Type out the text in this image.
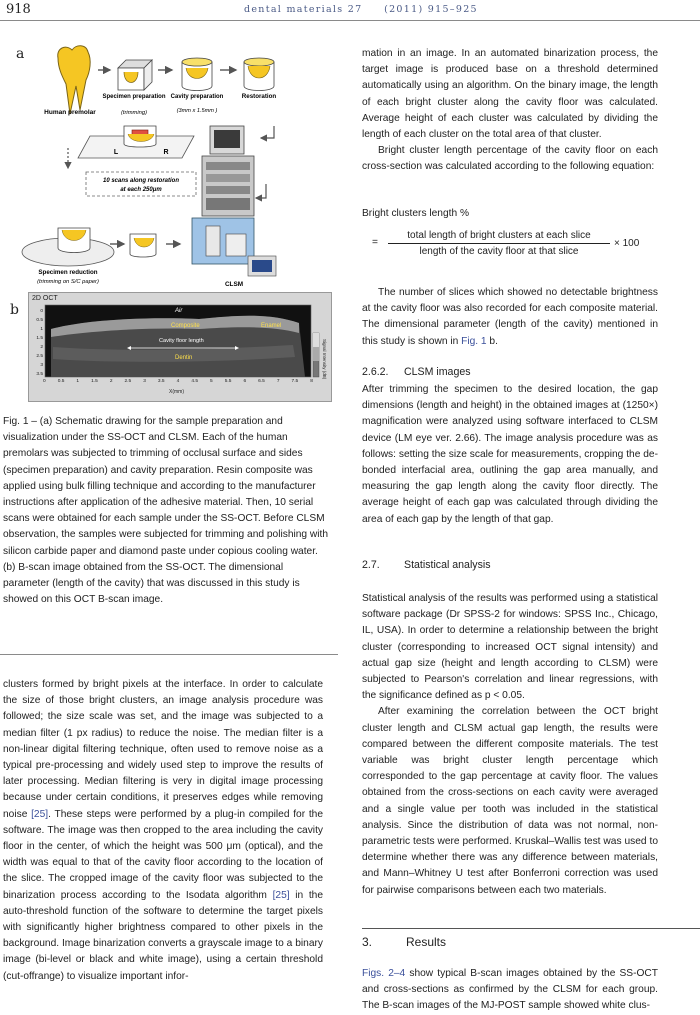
918	dental materials 27 (2011) 915–925
a
Human premolar
Specimen preparation
(trimming)
Cavity preparation
(3mm x 1.5mm )
Restoration
L	R
10 scans along restoration
at each 250μm
Specimen reduction
(trimming on S/C paper)	CLSM
b
2D OCT
Air
Composite	Enamel
Cavity floor length
Dentin	Signal Intensity (dB)
0
0.5
1
1.5
2
2.5
3
3.5
0	0.5	1	1.5	2	2.5	3	3.5	4	4.5	5	5.5	6	6.5	7	7.5	8
X(mm)
Fig. 1 – (a) Schematic drawing for the sample preparation and visualization under the SS-OCT and CLSM. Each of the human premolars was subjected to trimming of occlusal surface and sides (specimen preparation) and cavity preparation. Resin composite was applied using bulk filling technique and according to the manufacturer instructions after application of the adhesive material. Then, 10 serial scans were obtained for each sample under the SS-OCT. Before CLSM observation, the samples were subjected for trimming and polishing with silicon carbide paper and diamond paste under copious cooling water. (b) B-scan image obtained from the SS-OCT. The dimensional parameter (length of the cavity) that was discussed in this study is showed on this OCT B-scan image.

clusters formed by bright pixels at the interface. In order to calculate the size of those bright clusters, an image analysis procedure was followed; the size scale was set, and the image was subjected to a median filter (1 px radius) to reduce the noise. The median filter is a non-linear digital filtering technique, often used to remove noise as a typical pre-processing and widely used step to improve the results of later processing. Median filtering is very in digital image processing because under certain conditions, it preserves edges while removing noise [25]. These steps were performed by a plug-in compiled for the software. The image was then cropped to the area including the cavity floor in the center, of which the height was 500 μm (optical), and the width was equal to that of the cavity floor according to the location of the slice. The cropped image of the cavity floor was subjected to the binarization process according to the Isodata algorithm [25] in the auto-threshold function of the software to determine the target pixels with significantly higher brightness compared to other pixels in the background. Image binarization converts a grayscale image to a binary image (bi-level or black and white image), using a certain threshold (cut-offrange) to visualize important infor-

mation in an image. In an automated binarization process, the target image is produced base on a threshold determined automatically using an algorithm. On the binary image, the length of each bright cluster along the cavity floor was calculated. Average height of each cluster was calculated by dividing the length of each cluster on the total area of that cluster.

Bright cluster length percentage of the cavity floor on each cross-section was calculated according to the following equation:

Bright clusters length %
=
total length of bright clusters at each slice
length of the cavity floor at that slice
× 100

The number of slices which showed no detectable brightness at the cavity floor was also recorded for each composite material. The dimensional parameter (length of the cavity) mentioned in this study is shown in Fig. 1 b.

2.6.2. CLSM images

After trimming the specimen to the desired location, the gap dimensions (length and height) in the obtained images at (1250×) magnification were analyzed using software interfaced to CLSM device (LM eye ver. 2.66). The image analysis procedure was as follows: setting the size scale for measurements, cropping the de-bonded interfacial area, outlining the gap area manually, and measuring the gap length along the cavity floor directly. The average height of each gap was calculated through dividing the area of each gap by the length of that gap.

2.7. Statistical analysis

Statistical analysis of the results was performed using a statistical software package (Dr SPSS-2 for windows: SPSS Inc., Chicago, IL, USA). In order to determine a relationship between the bright cluster (corresponding to increased OCT signal intensity) and actual gap size (height and length according to CLSM) were subjected to Pearson's correlation and linear regressions, with the significance defined as p < 0.05.

After examining the correlation between the OCT bright cluster length and CLSM actual gap length, the results were compared between the different composite materials. The test variable was bright cluster length percentage which corresponded to the gap percentage at cavity floor. The values obtained from the cross-sections on each cavity were averaged and a single value per tooth was included in the statistical analysis. Since the distribution of data was not normal, non-parametric tests were performed. Kruskal–Wallis test was used to determine whether there was any difference between materials, and Mann–Whitney U test after Bonferroni correction was used for pairwise comparisons between each two materials.

3.	Results

Figs. 2–4 show typical B-scan images obtained by the SS-OCT and cross-sections as confirmed by the CLSM for each group. The B-scan images of the MJ-POST sample showed white clus-
